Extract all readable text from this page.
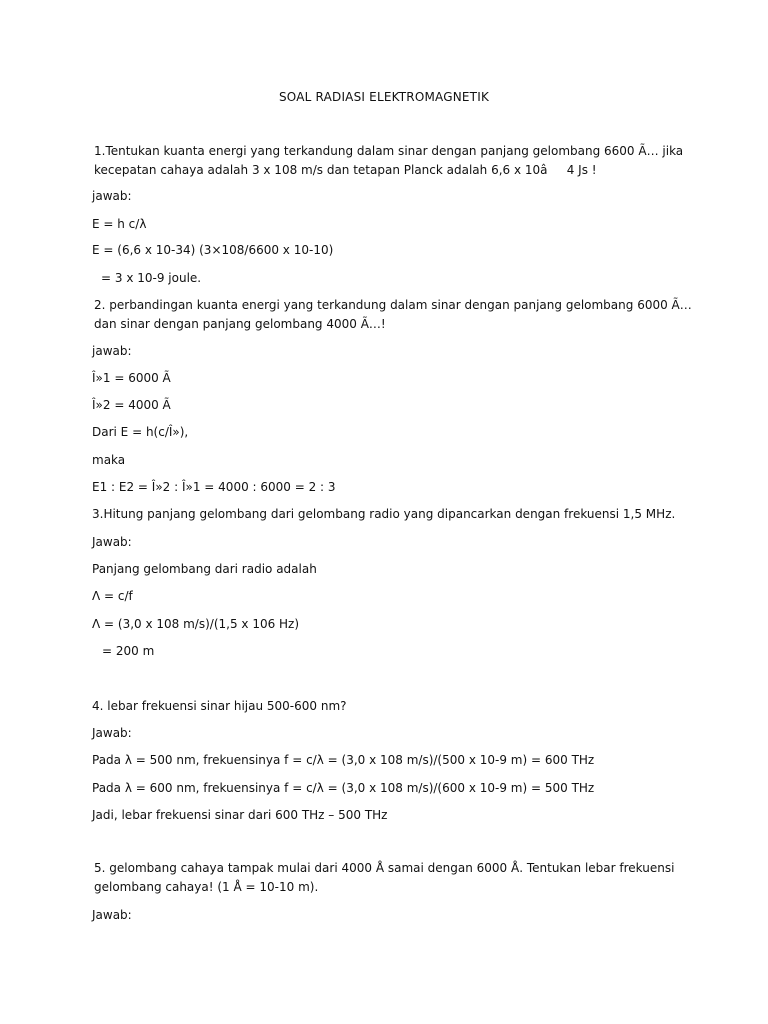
SOAL RADIASI ELEKTROMAGNETIK
1.Tentukan kuanta energi yang terkandung dalam sinar dengan panjang gelombang 6600 Ã… jika
kecepatan cahaya adalah 3 x 108 m/s dan tetapan Planck adalah 6,6 x 10â4 Js !
jawab:
E = h c/λ
E = (6,6 x 10-34) (3×108/6600 x 10-10)
= 3 x 10-9 joule.
2. perbandingan kuanta energi yang terkandung dalam sinar dengan panjang gelombang 6000 Ã…
dan sinar dengan panjang gelombang 4000 Ã…!
jawab:
Î»1 = 6000 Ã
Î»2 = 4000 Ã
Dari E = h(c/Î»),
maka
E1 : E2 = Î»2 : Î»1 = 4000 : 6000 = 2 : 3
3.Hitung panjang gelombang dari gelombang radio yang dipancarkan dengan frekuensi 1,5 MHz.
Jawab:
Panjang gelombang dari radio adalah
Λ = c/f
Λ = (3,0 x 108 m/s)/(1,5 x 106 Hz)
= 200 m
4. lebar frekuensi sinar hijau 500-600 nm?
Jawab:
Pada λ = 500 nm, frekuensinya f = c/λ = (3,0 x 108 m/s)/(500 x 10-9 m) = 600 THz
Pada λ = 600 nm, frekuensinya f = c/λ = (3,0 x 108 m/s)/(600 x 10-9 m) = 500 THz
Jadi, lebar frekuensi sinar dari 600 THz – 500 THz
5. gelombang cahaya tampak mulai dari 4000 Å samai dengan 6000 Å. Tentukan lebar frekuensi
gelombang cahaya! (1 Å = 10-10 m).
Jawab:
